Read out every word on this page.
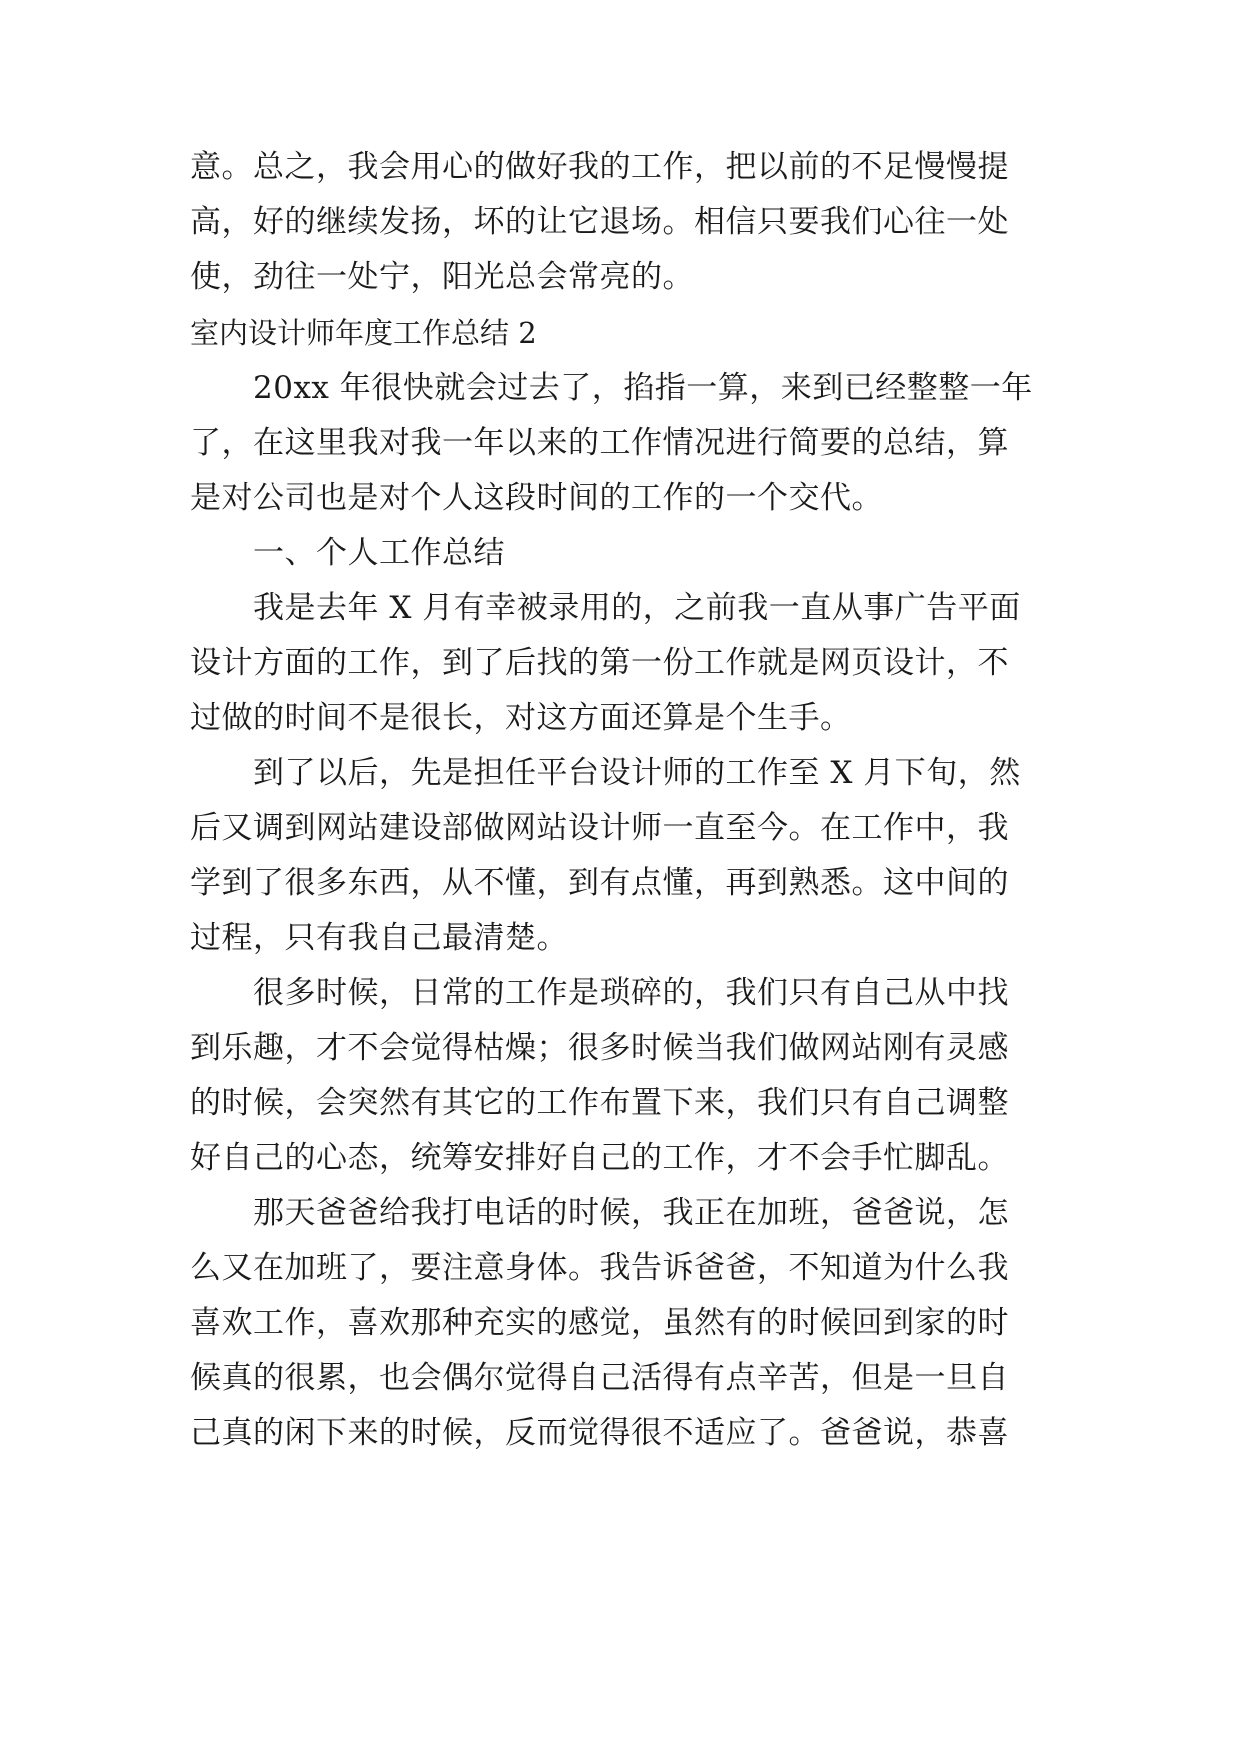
意。总之，我会用心的做好我的工作，把以前的不足慢慢提
高，好的继续发扬，坏的让它退场。相信只要我们心往一处
使，劲往一处宁，阳光总会常亮的。
室内设计师年度工作总结 2
20xx 年很快就会过去了，掐指一算，来到已经整整一年
了，在这里我对我一年以来的工作情况进行简要的总结，算
是对公司也是对个人这段时间的工作的一个交代。
一、个人工作总结
我是去年 X 月有幸被录用的，之前我一直从事广告平面
设计方面的工作，到了后找的第一份工作就是网页设计，不
过做的时间不是很长，对这方面还算是个生手。
到了以后，先是担任平台设计师的工作至 X 月下旬，然
后又调到网站建设部做网站设计师一直至今。在工作中，我
学到了很多东西，从不懂，到有点懂，再到熟悉。这中间的
过程，只有我自己最清楚。
很多时候，日常的工作是琐碎的，我们只有自己从中找
到乐趣，才不会觉得枯燥；很多时候当我们做网站刚有灵感
的时候，会突然有其它的工作布置下来，我们只有自己调整
好自己的心态，统筹安排好自己的工作，才不会手忙脚乱。
那天爸爸给我打电话的时候，我正在加班，爸爸说，怎
么又在加班了，要注意身体。我告诉爸爸，不知道为什么我
喜欢工作，喜欢那种充实的感觉，虽然有的时候回到家的时
候真的很累，也会偶尔觉得自己活得有点辛苦，但是一旦自
己真的闲下来的时候，反而觉得很不适应了。爸爸说，恭喜
